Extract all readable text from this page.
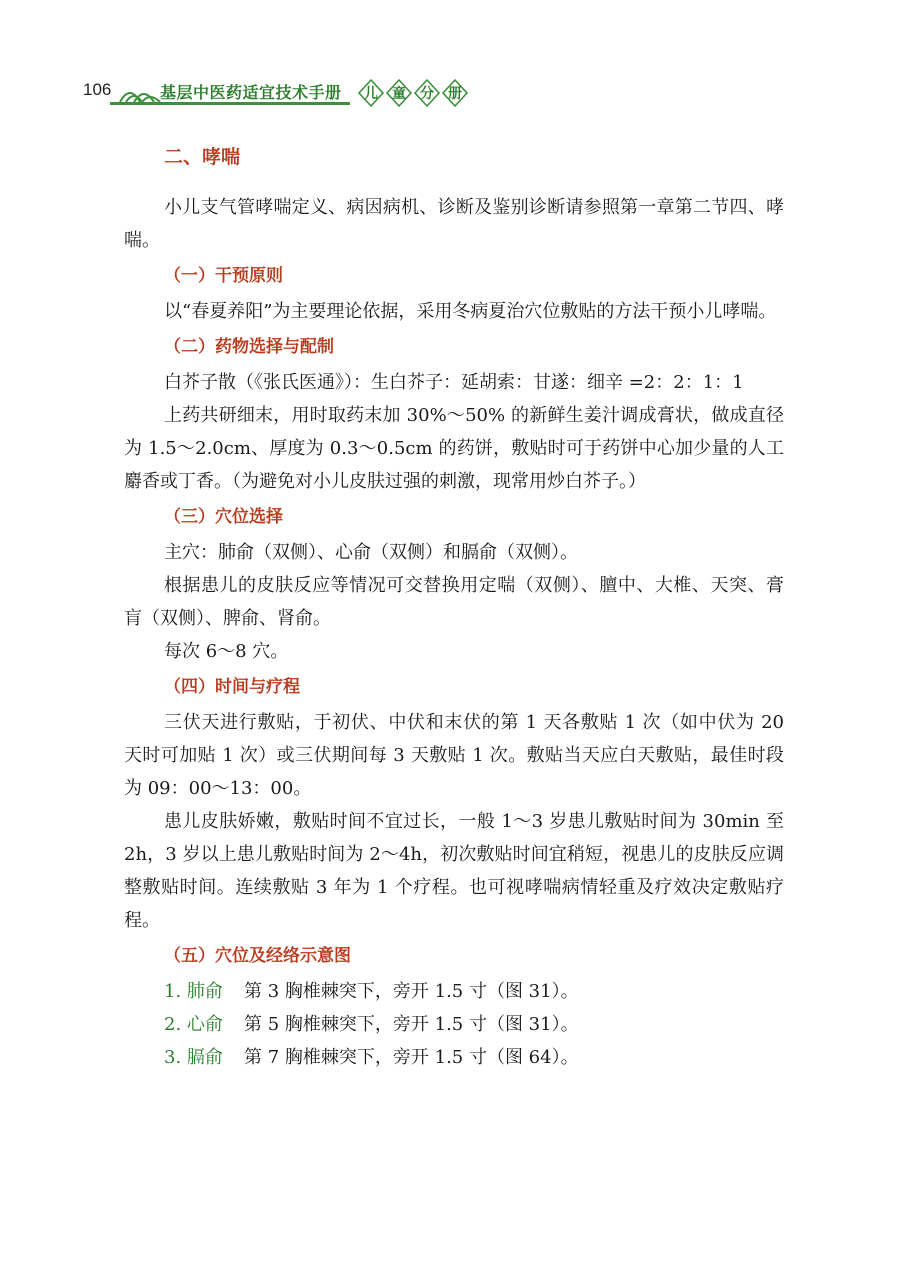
106	基层中医药适宜技术手册 儿 童 分 册
二、哮喘

小儿支气管哮喘定义、病因病机、诊断及鉴别诊断请参照第一章第二节四、哮喘。

（一）干预原则

以“春夏养阳”为主要理论依据，采用冬病夏治穴位敷贴的方法干预小儿哮喘。

（二）药物选择与配制

白芥子散（《张氏医通》）：生白芥子：延胡索：甘遂：细辛 =2：2：1：1

上药共研细末，用时取药末加 30%～50% 的新鲜生姜汁调成膏状，做成直径为 1.5～2.0cm、厚度为 0.3～0.5cm 的药饼，敷贴时可于药饼中心加少量的人工麝香或丁香。（为避免对小儿皮肤过强的刺激，现常用炒白芥子。）

（三）穴位选择

主穴：肺俞（双侧）、心俞（双侧）和膈俞（双侧）。

根据患儿的皮肤反应等情况可交替换用定喘（双侧）、膻中、大椎、天突、膏肓（双侧）、脾俞、肾俞。

每次 6～8 穴。

（四）时间与疗程

三伏天进行敷贴，于初伏、中伏和末伏的第 1 天各敷贴 1 次（如中伏为 20 天时可加贴 1 次）或三伏期间每 3 天敷贴 1 次。敷贴当天应白天敷贴，最佳时段为 09：00～13：00。

患儿皮肤娇嫩，敷贴时间不宜过长，一般 1～3 岁患儿敷贴时间为 30min 至 2h，3 岁以上患儿敷贴时间为 2～4h，初次敷贴时间宜稍短，视患儿的皮肤反应调整敷贴时间。连续敷贴 3 年为 1 个疗程。也可视哮喘病情轻重及疗效决定敷贴疗程。

（五）穴位及经络示意图

1. 肺俞 第 3 胸椎棘突下，旁开 1.5 寸（图 31）。

2. 心俞 第 5 胸椎棘突下，旁开 1.5 寸（图 31）。

3. 膈俞 第 7 胸椎棘突下，旁开 1.5 寸（图 64）。
